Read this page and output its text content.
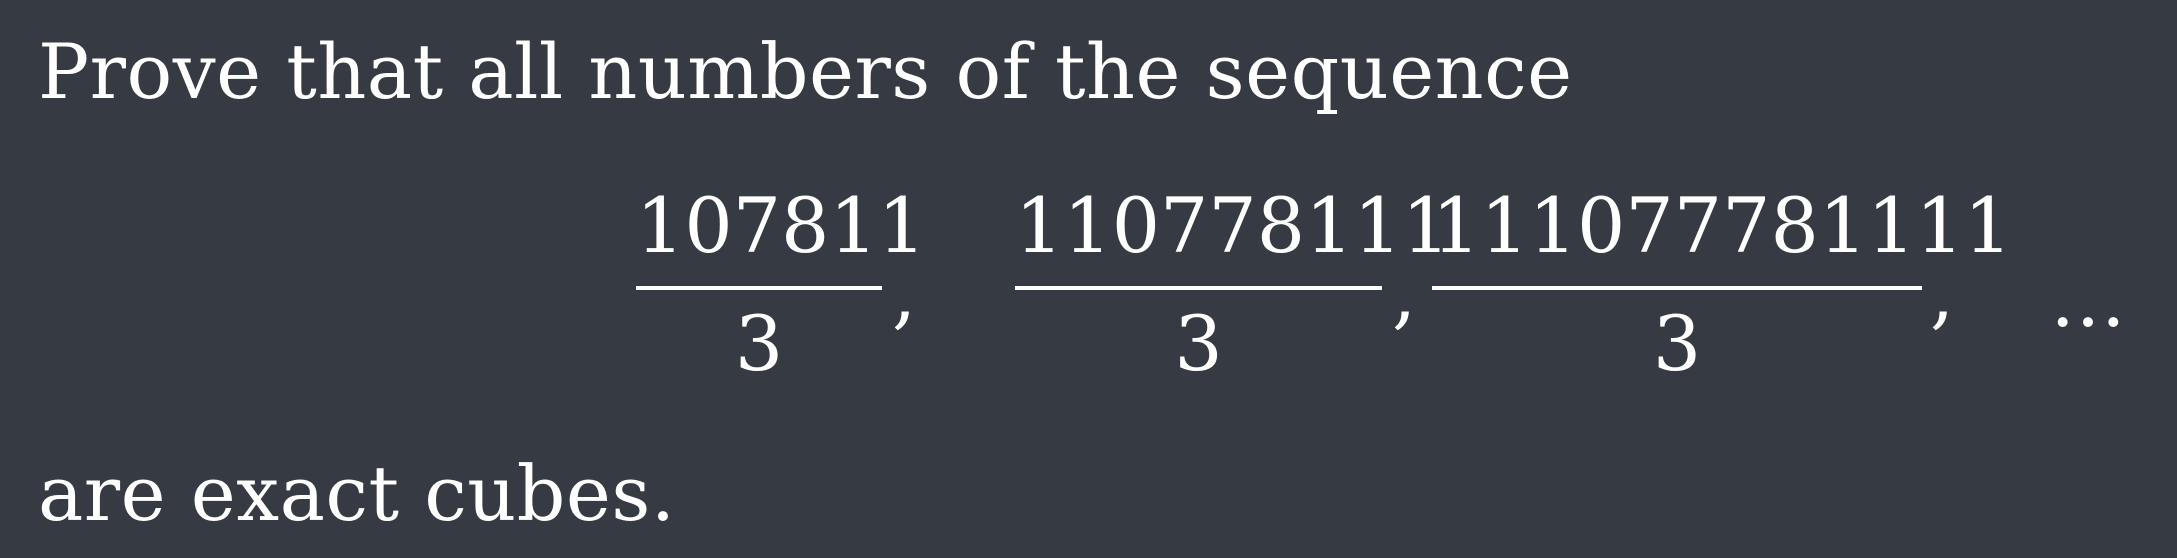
Prove that all numbers of the sequence
107811
3
,
110778111
3
,
111077781111
3
, …
are exact cubes.
